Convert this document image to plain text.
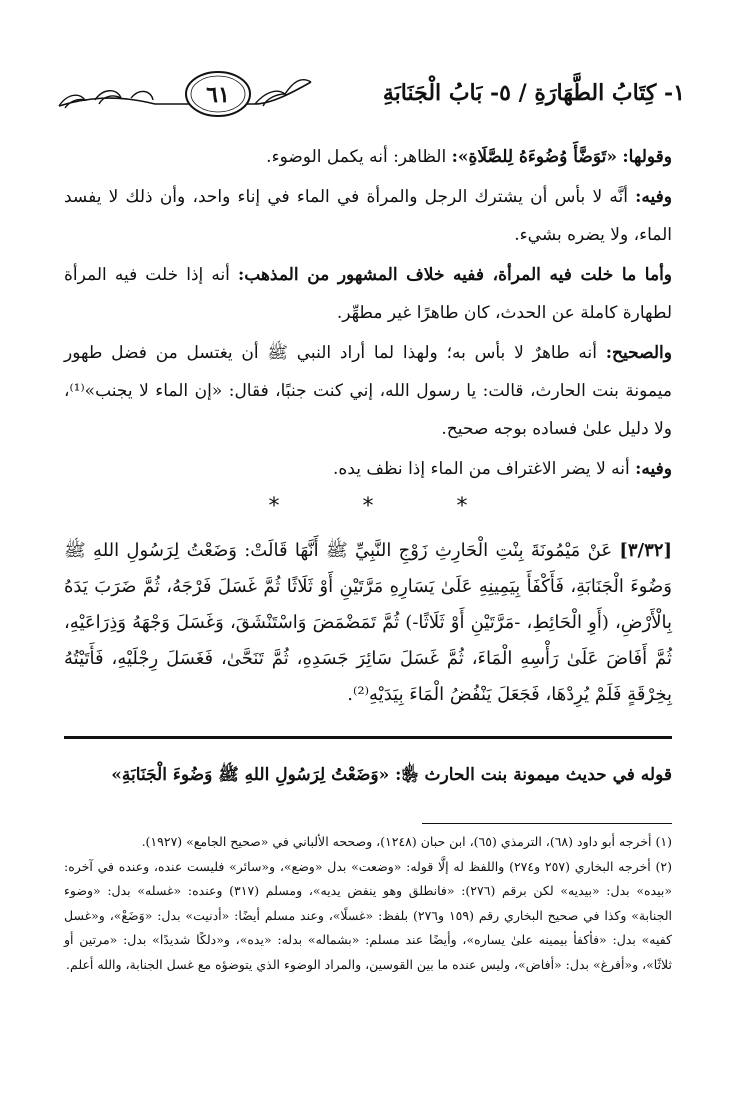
١- كِتَابُ الطَّهَارَةِ / ٥- بَابُ الْجَنَابَةِ
٦١

وقولها: «تَوَضَّأَ وُضُوءَهُ لِلصَّلَاةِ»: الظاهر: أنه يكمل الوضوء.

وفيه: أنَّه لا بأس أن يشترك الرجل والمرأة في الماء في إناء واحد، وأن ذلك لا يفسد الماء، ولا يضره بشيء.

وأما ما خلت فيه المرأة، ففيه خلاف المشهور من المذهب: أنه إذا خلت فيه المرأة لطهارة كاملة عن الحدث، كان طاهرًا غير مطهِّر.

والصحيح: أنه طاهرٌ لا بأس به؛ ولهذا لما أراد النبي ﷺ أن يغتسل من فضل طهور ميمونة بنت الحارث، قالت: يا رسول الله، إني كنت جنبًا، فقال: «إن الماء لا يجنب»⁽¹⁾، ولا دليل علىٰ فساده بوجه صحيح.

وفيه: أنه لا يضر الاغتراف من الماء إذا نظف يده.

* * *

[٣/٣٢] عَنْ مَيْمُونَةَ بِنْتِ الْحَارِثِ زَوْجِ النَّبِيِّ ﷺ أَنَّهَا قَالَتْ: وَضَعْتُ لِرَسُولِ اللهِ ﷺ وَضُوءَ الْجَنَابَةِ، فَأَكْفَأَ بِيَمِينِهِ عَلَىٰ يَسَارِهِ مَرَّتَيْنِ أَوْ ثَلَاثًا ثُمَّ غَسَلَ فَرْجَهُ، ثُمَّ ضَرَبَ يَدَهُ بِالْأَرْضِ، (أَوِ الْحَائِطِ، -مَرَّتَيْنِ أَوْ ثَلَاثًا-) ثُمَّ تَمَضْمَضَ وَاسْتَنْشَقَ، وَغَسَلَ وَجْهَهُ وَذِرَاعَيْهِ، ثُمَّ أَفَاضَ عَلَىٰ رَأْسِهِ الْمَاءَ، ثُمَّ غَسَلَ سَائِرَ جَسَدِهِ، ثُمَّ تَنَحَّىٰ، فَغَسَلَ رِجْلَيْهِ، فَأَتَيْتُهُ بِخِرْقَةٍ فَلَمْ يُرِدْهَا، فَجَعَلَ يَنْفُضُ الْمَاءَ بِيَدَيْهِ⁽²⁾.

قوله في حديث ميمونة بنت الحارث ﵂: «وَضَعْتُ لِرَسُولِ اللهِ ﷺ وَضُوءَ الْجَنَابَةِ»

(١) أخرجه أبو داود (٦٨)، الترمذي (٦٥)، ابن حبان (١٢٤٨)، وصححه الألباني في «صحيح الجامع» (١٩٢٧).

(٢) أخرجه البخاري (٢٥٧ و٢٧٤) واللفظ له إلَّا قوله: «وضعت» بدل «وضع»، و«سائر» فليست عنده، وعنده في آخره: «بيده» بدل: «بيديه» لكن برقم (٢٧٦): «فانطلق وهو ينفض يديه»، ومسلم (٣١٧) وعنده: «غسله» بدل: «وضوء الجنابة» وكذا في صحيح البخاري رقم (١٥٩ و٢٧٦) بلفظ: «غسلًا»، وعند مسلم أيضًا: «أدنيت» بدل: «وَضَعْ»، و«غسل كفيه» بدل: «فأكفأ بيمينه علىٰ يساره»، وأيضًا عند مسلم: «بشماله» بدله: «يده»، و«دلكًا شديدًا» بدل: «مرتين أو ثلاثًا»، و«أفرغ» بدل: «أفاض»، وليس عنده ما بين القوسين، والمراد الوضوء الذي يتوضؤه مع غسل الجنابة، والله أعلم.
